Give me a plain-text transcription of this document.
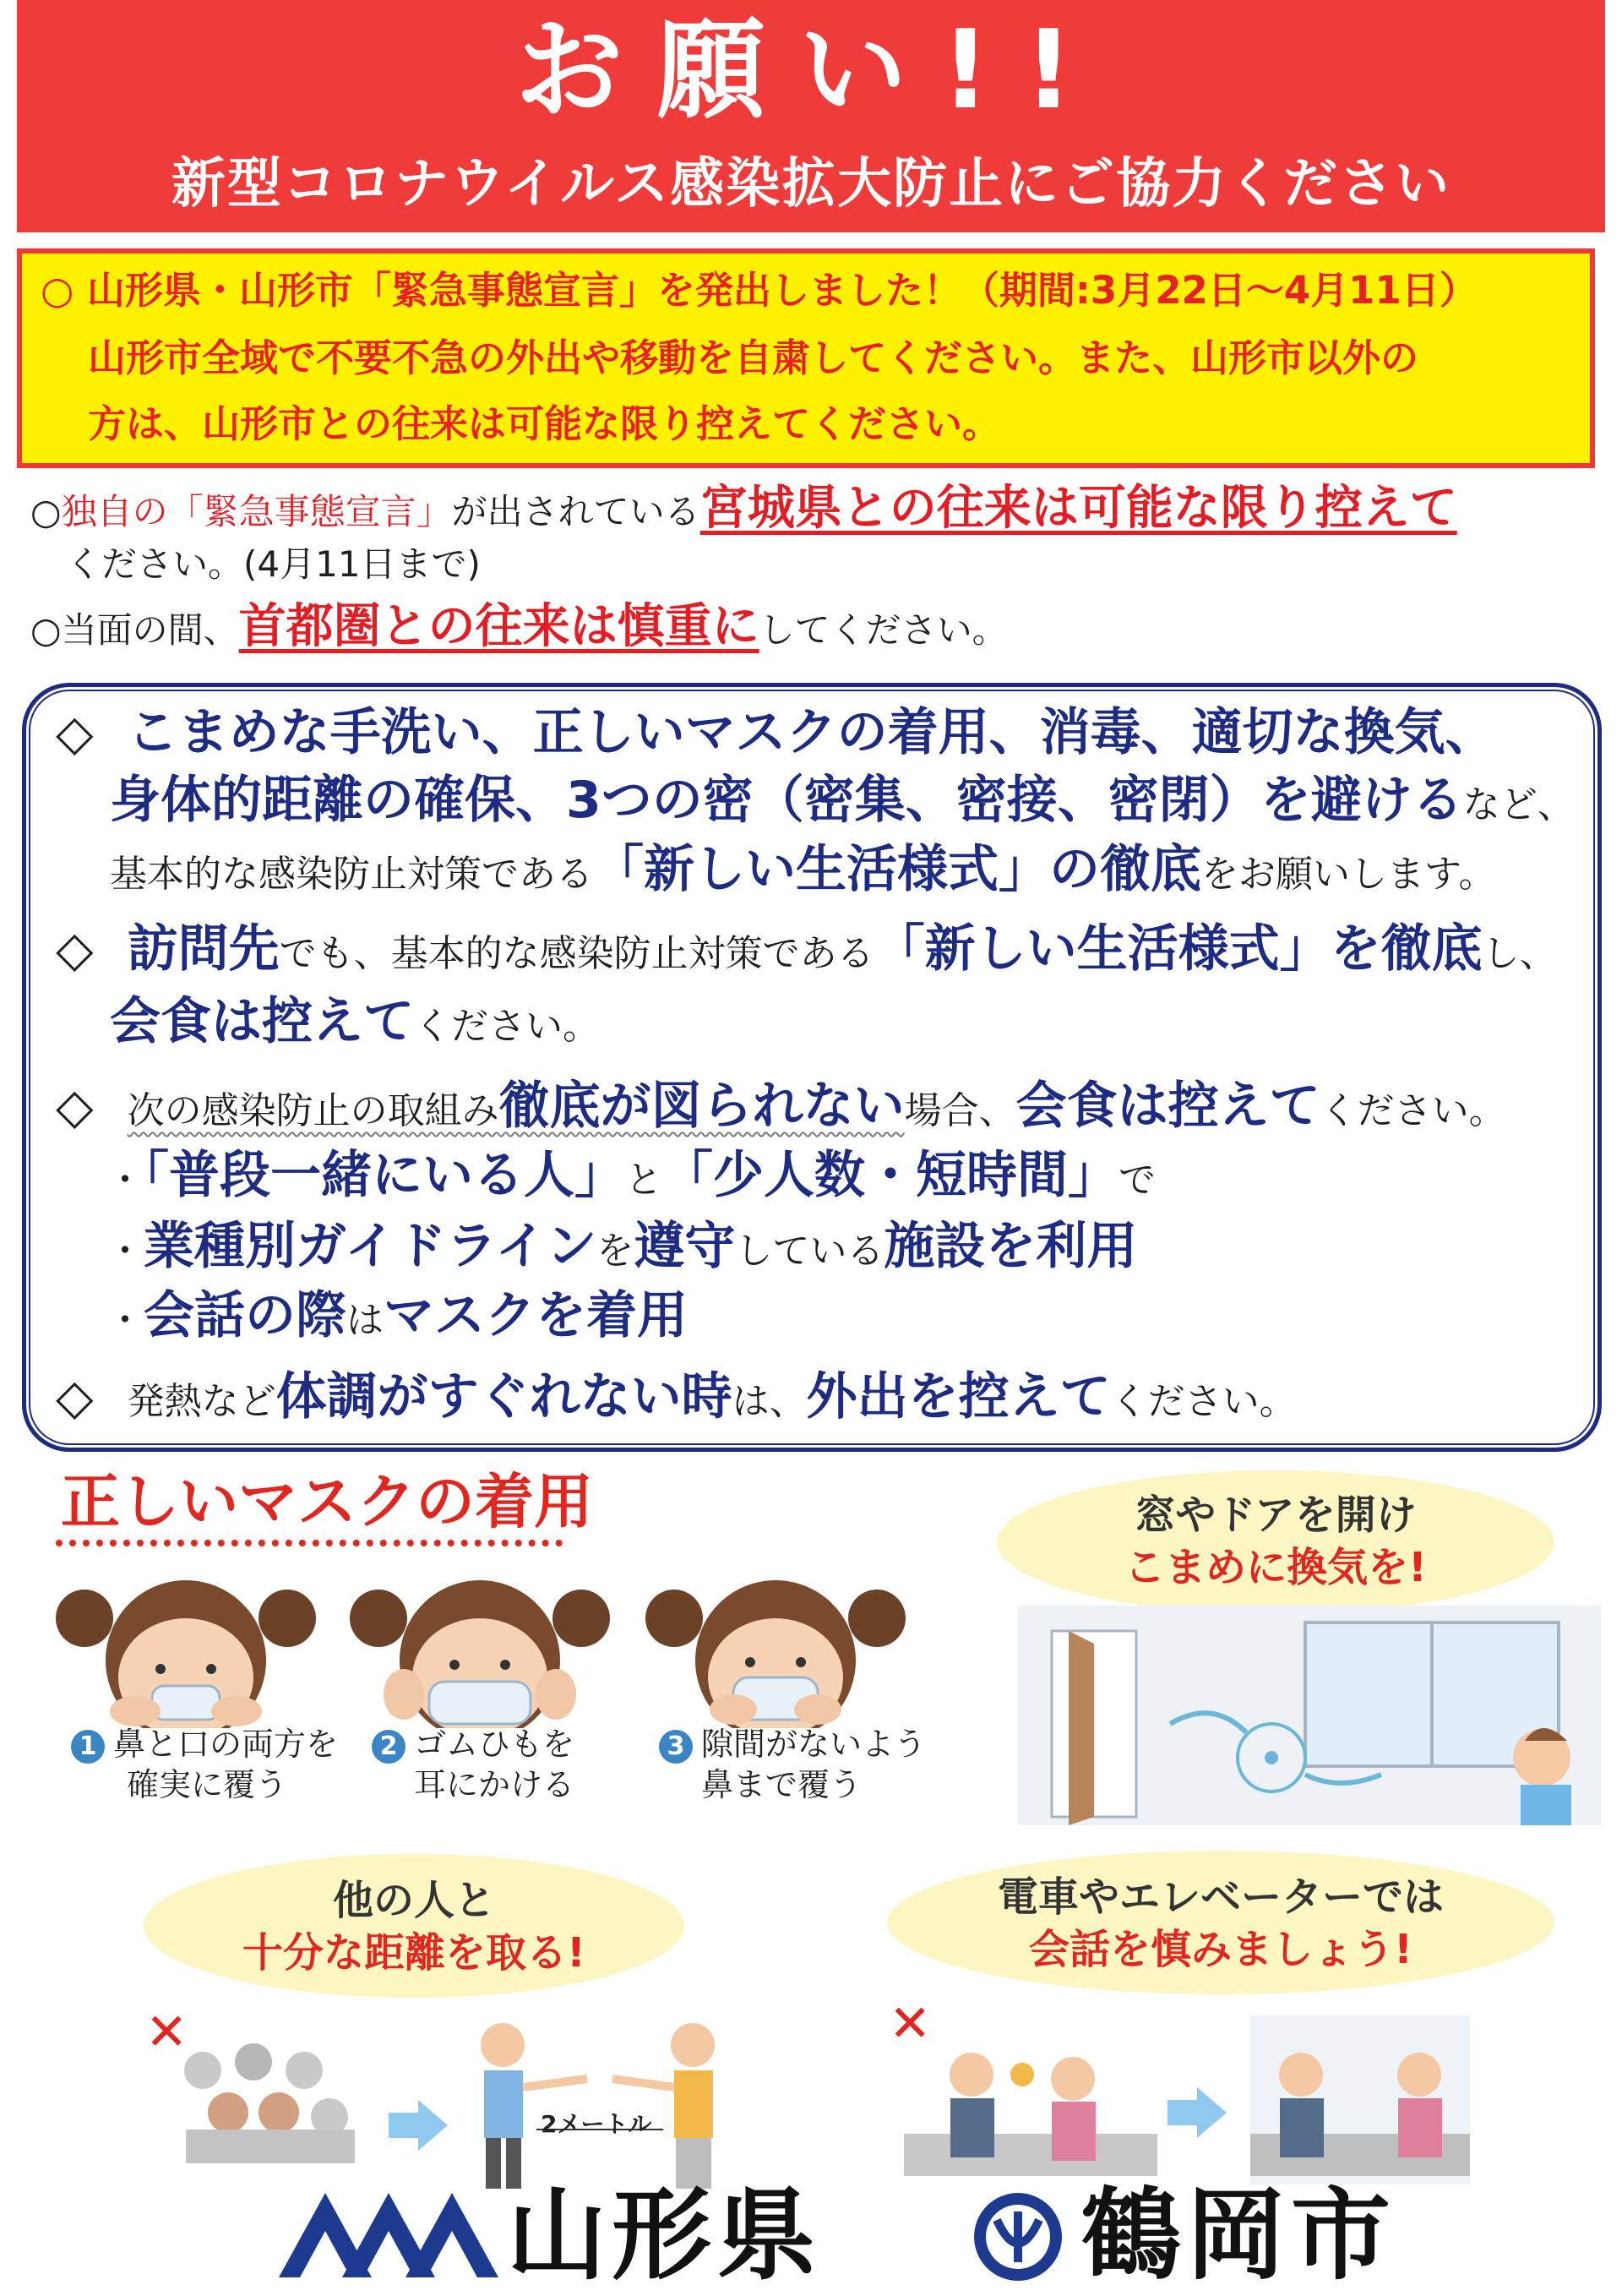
お願い!!
新型コロナウイルス感染拡大防止にご協力ください
○ 山形県・山形市「緊急事態宣言」を発出しました！（期間:3月22日～4月11日）
山形市全域で不要不急の外出や移動を自粛してください。また、山形市以外の
方は、山形市との往来は可能な限り控えてください。
○独自の「緊急事態宣言」が出されている宮城県との往来は可能な限り控えて
ください。(4月11日まで)
○当面の間、首都圏との往来は慎重にしてください。
◇ こまめな手洗い、正しいマスクの着用、消毒、適切な換気、
身体的距離の確保、3つの密（密集、密接、密閉）を避けるなど、
基本的な感染防止対策である「新しい生活様式」の徹底をお願いします。
◇ 訪問先でも、基本的な感染防止対策である「新しい生活様式」を徹底し、
会食は控えてください。
◇ 次の感染防止の取組み徹底が図られない場合、会食は控えてください。
・「普段一緒にいる人」と「少人数・短時間」で
・業種別ガイドラインを遵守している施設を利用
・会話の際はマスクを着用
◇ 発熱など体調がすぐれない時は、外出を控えてください。
正しいマスクの着用
1 鼻と口の両方を
確実に覆う
2 ゴムひもを
耳にかける
3 隙間がないよう
鼻まで覆う
窓やドアを開け
こまめに換気を!
他の人と
十分な距離を取る!
✕
2メートル
電車やエレベーターでは
会話を慎みましょう!
✕
山形県	鶴岡市
